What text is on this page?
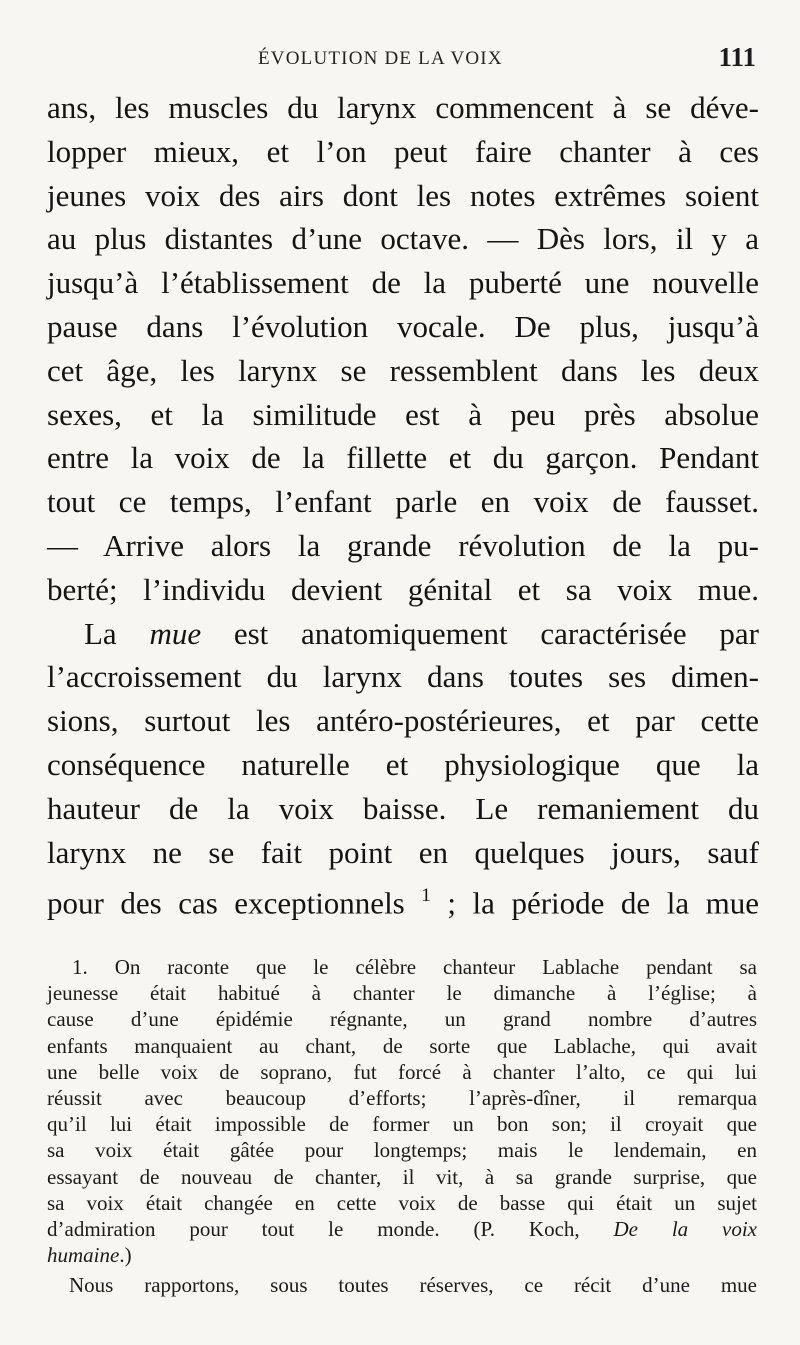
ÉVOLUTION DE LA VOIX	111
ans, les muscles du larynx commencent à se déve-
lopper mieux, et l’on peut faire chanter à ces
jeunes voix des airs dont les notes extrêmes soient
au plus distantes d’une octave. — Dès lors, il y a
jusqu’à l’établissement de la puberté une nouvelle
pause dans l’évolution vocale. De plus, jusqu’à
cet âge, les larynx se ressemblent dans les deux
sexes, et la similitude est à peu près absolue
entre la voix de la fillette et du garçon. Pendant
tout ce temps, l’enfant parle en voix de fausset.
— Arrive alors la grande révolution de la pu-
berté; l’individu devient génital et sa voix mue.
La mue est anatomiquement caractérisée par
l’accroissement du larynx dans toutes ses dimen-
sions, surtout les antéro-postérieures, et par cette
conséquence naturelle et physiologique que la
hauteur de la voix baisse. Le remaniement du
larynx ne se fait point en quelques jours, sauf
pour des cas exceptionnels $^1$ ; la période de la mue
1. On raconte que le célèbre chanteur Lablache pendant sa
jeunesse était habitué à chanter le dimanche à l’église; à
cause d’une épidémie régnante, un grand nombre d’autres
enfants manquaient au chant, de sorte que Lablache, qui avait
une belle voix de soprano, fut forcé à chanter l’alto, ce qui lui
réussit avec beaucoup d’efforts; l’après-dîner, il remarqua
qu’il lui était impossible de former un bon son; il croyait que
sa voix était gâtée pour longtemps; mais le lendemain, en
essayant de nouveau de chanter, il vit, à sa grande surprise, que
sa voix était changée en cette voix de basse qui était un sujet
d’admiration pour tout le monde. (P. Koch, De la voix
humaine.)
Nous rapportons, sous toutes réserves, ce récit d’une mue
